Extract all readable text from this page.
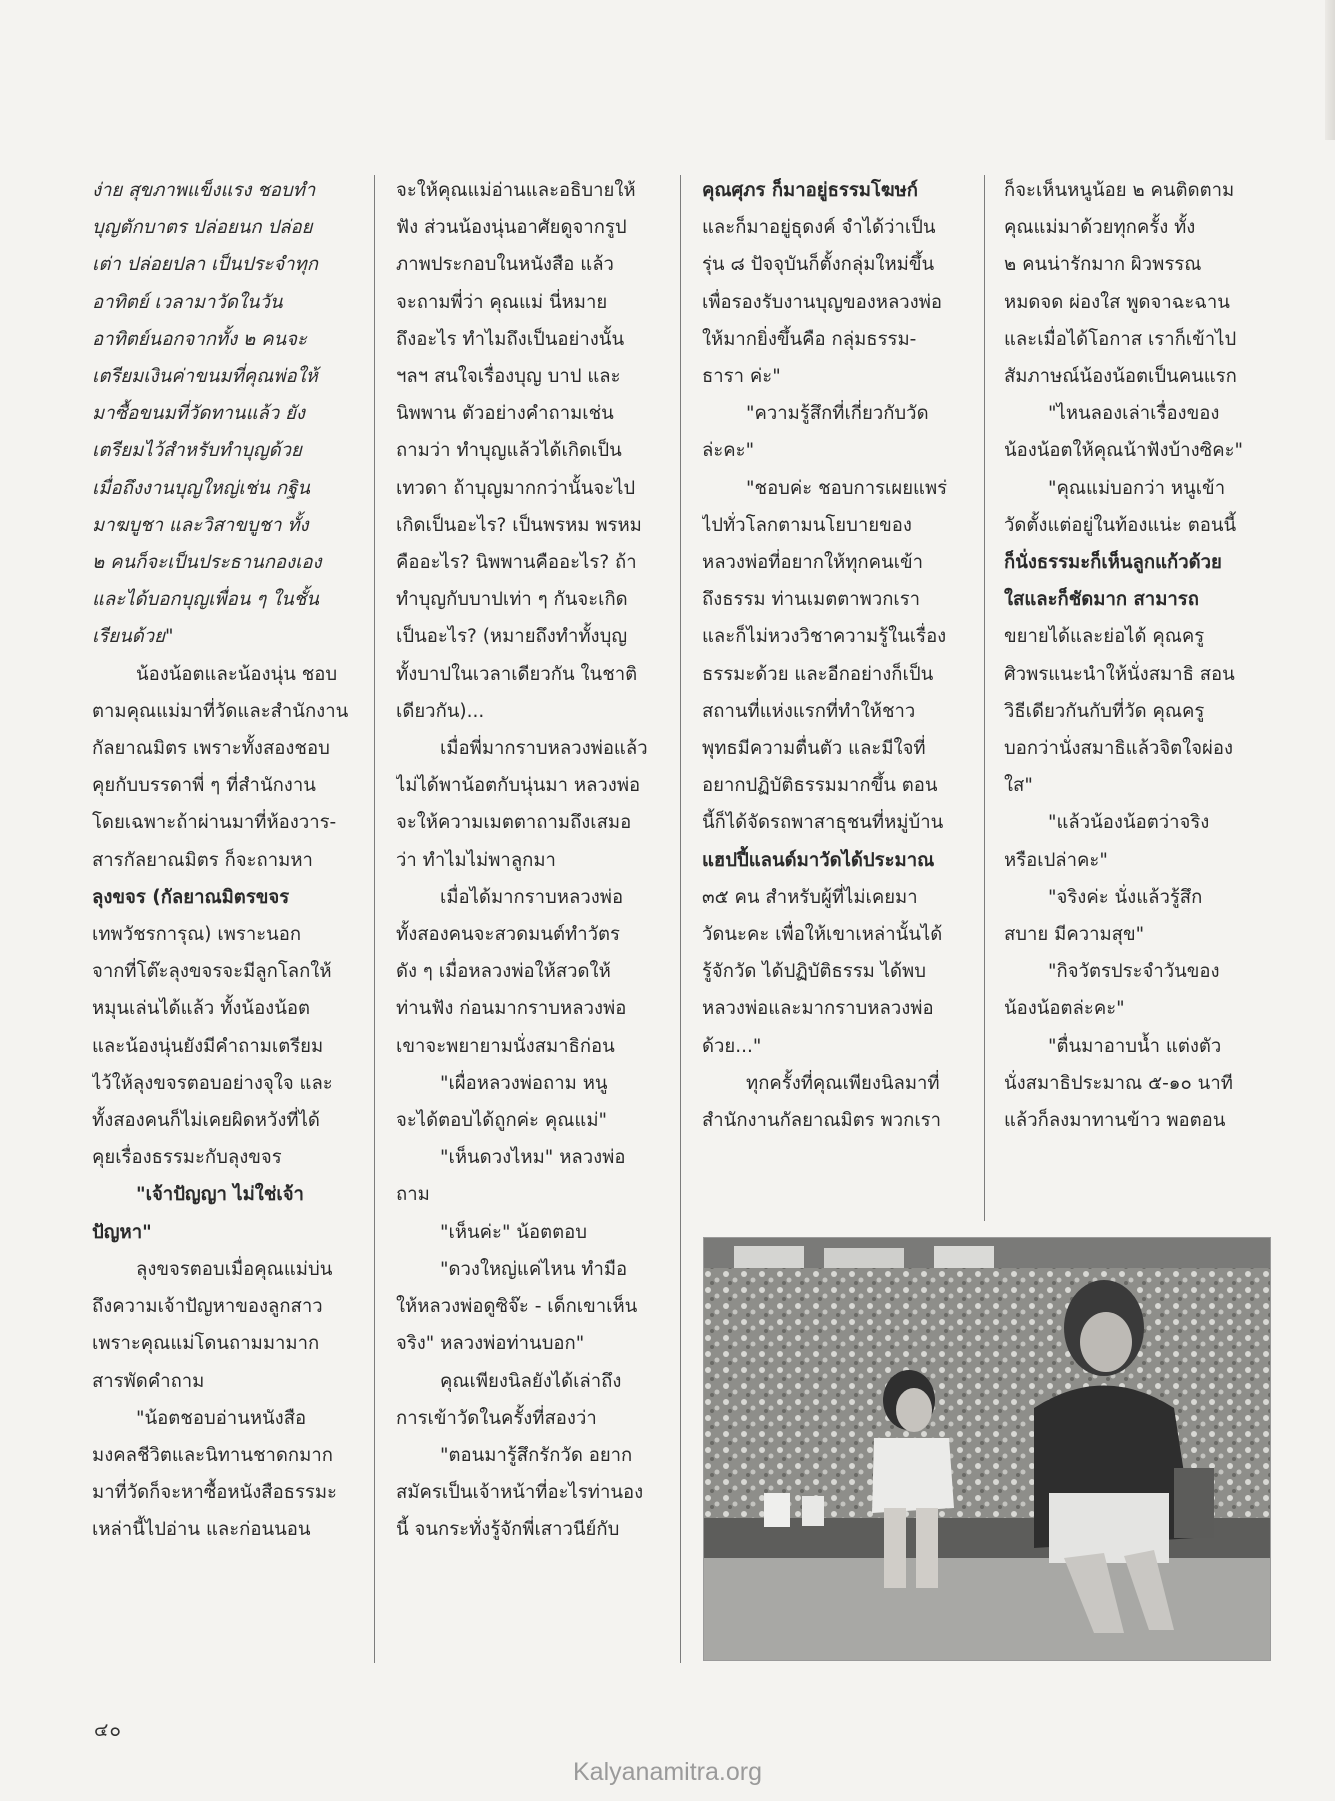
ง่าย สุขภาพแข็งแรง ชอบทำ
บุญตักบาตร ปล่อยนก ปล่อย
เต่า ปล่อยปลา เป็นประจำทุก
อาทิตย์ เวลามาวัดในวัน
อาทิตย์นอกจากทั้ง ๒ คนจะ
เตรียมเงินค่าขนมที่คุณพ่อให้
มาซื้อขนมที่วัดทานแล้ว ยัง
เตรียมไว้สำหรับทำบุญด้วย
เมื่อถึงงานบุญใหญ่เช่น กฐิน
มาฆบูชา และวิสาขบูชา ทั้ง
๒ คนก็จะเป็นประธานกองเอง
และได้บอกบุญเพื่อน ๆ ในชั้น
เรียนด้วย"
น้องน้อตและน้องนุ่น ชอบ
ตามคุณแม่มาที่วัดและสำนักงาน
กัลยาณมิตร เพราะทั้งสองชอบ
คุยกับบรรดาพี่ ๆ ที่สำนักงาน
โดยเฉพาะถ้าผ่านมาที่ห้องวาร-
สารกัลยาณมิตร ก็จะถามหา
ลุงขจร (กัลยาณมิตรขจร
เทพวัชรการุณ) เพราะนอก
จากที่โต๊ะลุงขจรจะมีลูกโลกให้
หมุนเล่นได้แล้ว ทั้งน้องน้อต
และน้องนุ่นยังมีคำถามเตรียม
ไว้ให้ลุงขจรตอบอย่างจุใจ และ
ทั้งสองคนก็ไม่เคยผิดหวังที่ได้
คุยเรื่องธรรมะกับลุงขจร
"เจ้าปัญญา ไม่ใช่เจ้า
ปัญหา"
ลุงขจรตอบเมื่อคุณแม่บ่น
ถึงความเจ้าปัญหาของลูกสาว
เพราะคุณแม่โดนถามมามาก
สารพัดคำถาม
"น้อตชอบอ่านหนังสือ
มงคลชีวิตและนิทานชาดกมาก
มาที่วัดก็จะหาซื้อหนังสือธรรมะ
เหล่านี้ไปอ่าน และก่อนนอน
จะให้คุณแม่อ่านและอธิบายให้
ฟัง ส่วนน้องนุ่นอาศัยดูจากรูป
ภาพประกอบในหนังสือ แล้ว
จะถามพี่ว่า คุณแม่ นี่หมาย
ถึงอะไร ทำไมถึงเป็นอย่างนั้น
ฯลฯ สนใจเรื่องบุญ บาป และ
นิพพาน ตัวอย่างคำถามเช่น
ถามว่า ทำบุญแล้วได้เกิดเป็น
เทวดา ถ้าบุญมากกว่านั้นจะไป
เกิดเป็นอะไร? เป็นพรหม พรหม
คืออะไร? นิพพานคืออะไร? ถ้า
ทำบุญกับบาปเท่า ๆ กันจะเกิด
เป็นอะไร? (หมายถึงทำทั้งบุญ
ทั้งบาปในเวลาเดียวกัน ในชาติ
เดียวกัน)...
เมื่อพี่มากราบหลวงพ่อแล้ว
ไม่ได้พาน้อตกับนุ่นมา หลวงพ่อ
จะให้ความเมตตาถามถึงเสมอ
ว่า ทำไมไม่พาลูกมา
เมื่อได้มากราบหลวงพ่อ
ทั้งสองคนจะสวดมนต์ทำวัตร
ดัง ๆ เมื่อหลวงพ่อให้สวดให้
ท่านฟัง ก่อนมากราบหลวงพ่อ
เขาจะพยายามนั่งสมาธิก่อน
"เผื่อหลวงพ่อถาม หนู
จะได้ตอบได้ถูกค่ะ คุณแม่"
"เห็นดวงไหม" หลวงพ่อ
ถาม
"เห็นค่ะ" น้อตตอบ
"ดวงใหญ่แค่ไหน ทำมือ
ให้หลวงพ่อดูซิจ๊ะ - เด็กเขาเห็น
จริง" หลวงพ่อท่านบอก"
คุณเพียงนิลยังได้เล่าถึง
การเข้าวัดในครั้งที่สองว่า
"ตอนมารู้สึกรักวัด อยาก
สมัครเป็นเจ้าหน้าที่อะไรท่านอง
นี้ จนกระทั่งรู้จักพี่เสาวนีย์กับ
คุณศุภร ก็มาอยู่ธรรมโฆษก์
และก็มาอยู่ธุดงค์ จำได้ว่าเป็น
รุ่น ๘ ปัจจุบันก็ตั้งกลุ่มใหม่ขึ้น
เพื่อรองรับงานบุญของหลวงพ่อ
ให้มากยิ่งขึ้นคือ กลุ่มธรรม-
ธารา ค่ะ"
"ความรู้สึกที่เกี่ยวกับวัด
ล่ะคะ"
"ชอบค่ะ ชอบการเผยแพร่
ไปทั่วโลกตามนโยบายของ
หลวงพ่อที่อยากให้ทุกคนเข้า
ถึงธรรม ท่านเมตตาพวกเรา
และก็ไม่หวงวิชาความรู้ในเรื่อง
ธรรมะด้วย และอีกอย่างก็เป็น
สถานที่แห่งแรกที่ทำให้ชาว
พุทธมีความตื่นตัว และมีใจที่
อยากปฏิบัติธรรมมากขึ้น ตอน
นี้ก็ได้จัดรถพาสาธุชนที่หมู่บ้าน
แฮปปี้แลนด์มาวัดได้ประมาณ
๓๕ คน สำหรับผู้ที่ไม่เคยมา
วัดนะคะ เพื่อให้เขาเหล่านั้นได้
รู้จักวัด ได้ปฏิบัติธรรม ได้พบ
หลวงพ่อและมากราบหลวงพ่อ
ด้วย..."
ทุกครั้งที่คุณเพียงนิลมาที่
สำนักงานกัลยาณมิตร พวกเรา
ก็จะเห็นหนูน้อย ๒ คนติดตาม
คุณแม่มาด้วยทุกครั้ง ทั้ง
๒ คนน่ารักมาก ผิวพรรณ
หมดจด ผ่องใส พูดจาฉะฉาน
และเมื่อได้โอกาส เราก็เข้าไป
สัมภาษณ์น้องน้อตเป็นคนแรก
"ไหนลองเล่าเรื่องของ
น้องน้อตให้คุณน้าฟังบ้างซิคะ"
"คุณแม่บอกว่า หนูเข้า
วัดตั้งแต่อยู่ในท้องแน่ะ ตอนนี้
ก็นั่งธรรมะก็เห็นลูกแก้วด้วย
ใสและก็ชัดมาก สามารถ
ขยายได้และย่อได้ คุณครู
ศิวพรแนะนำให้นั่งสมาธิ สอน
วิธีเดียวกันกับที่วัด คุณครู
บอกว่านั่งสมาธิแล้วจิตใจผ่อง
ใส"
"แล้วน้องน้อตว่าจริง
หรือเปล่าคะ"
"จริงค่ะ นั่งแล้วรู้สึก
สบาย มีความสุข"
"กิจวัตรประจำวันของ
น้องน้อตล่ะคะ"
"ตื่นมาอาบน้ำ แต่งตัว
นั่งสมาธิประมาณ ๕-๑๐ นาที
แล้วก็ลงมาทานข้าว พอตอน
๔๐
Kalyanamitra.org
